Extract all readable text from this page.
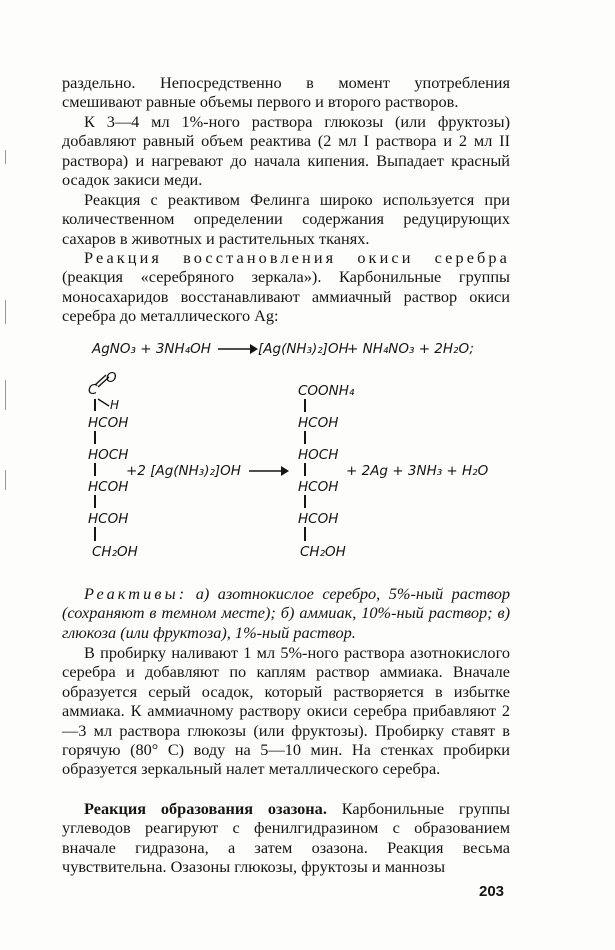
раздельно. Непосредственно в момент употребления смешивают равные объемы первого и второго растворов.

К 3—4 мл 1%-ного раствора глюкозы (или фруктозы) добавляют равный объем реактива (2 мл I раствора и 2 мл II раствора) и нагревают до начала кипения. Выпадает красный осадок закиси меди.

Реакция с реактивом Фелинга широко используется при количественном определении содержания редуцирующих сахаров в животных и растительных тканях.

Реакция восстановления окиси серебра (реакция «серебряного зеркала»). Карбонильные группы моносахаридов восстанавливают аммиачный раствор окиси серебра до металлического Ag:

AgNO₃ + 3NH₄OH	[Ag(NH₃)₂]OH
+ NH₄NO₃ + 2H₂O;
O
C
H
HCOH
HOCH
HCOH
HCOH
CH₂OH
+2 [Ag(NH₃)₂]OH
COONH₄
HCOH
HOCH
HCOH
HCOH
CH₂OH
+ 2Ag + 3NH₃ + H₂O

Реактивы: а) азотнокислое серебро, 5%-ный раствор (сохраняют в темном месте); б) аммиак, 10%-ный раствор; в) глюкоза (или фруктоза), 1%-ный раствор.

В пробирку наливают 1 мл 5%-ного раствора азотнокислого серебра и добавляют по каплям раствор аммиака. Вначале образуется серый осадок, который растворяется в избытке аммиака. К аммиачному раствору окиси серебра прибавляют 2—3 мл раствора глюкозы (или фруктозы). Пробирку ставят в горячую (80° С) воду на 5—10 мин. На стенках пробирки образуется зеркальный налет металлического серебра.

Реакция образования озазона. Карбонильные группы углеводов реагируют с фенилгидразином с образованием вначале гидразона, а затем озазона. Реакция весьма чувствительна. Озазоны глюкозы, фруктозы и маннозы

203
